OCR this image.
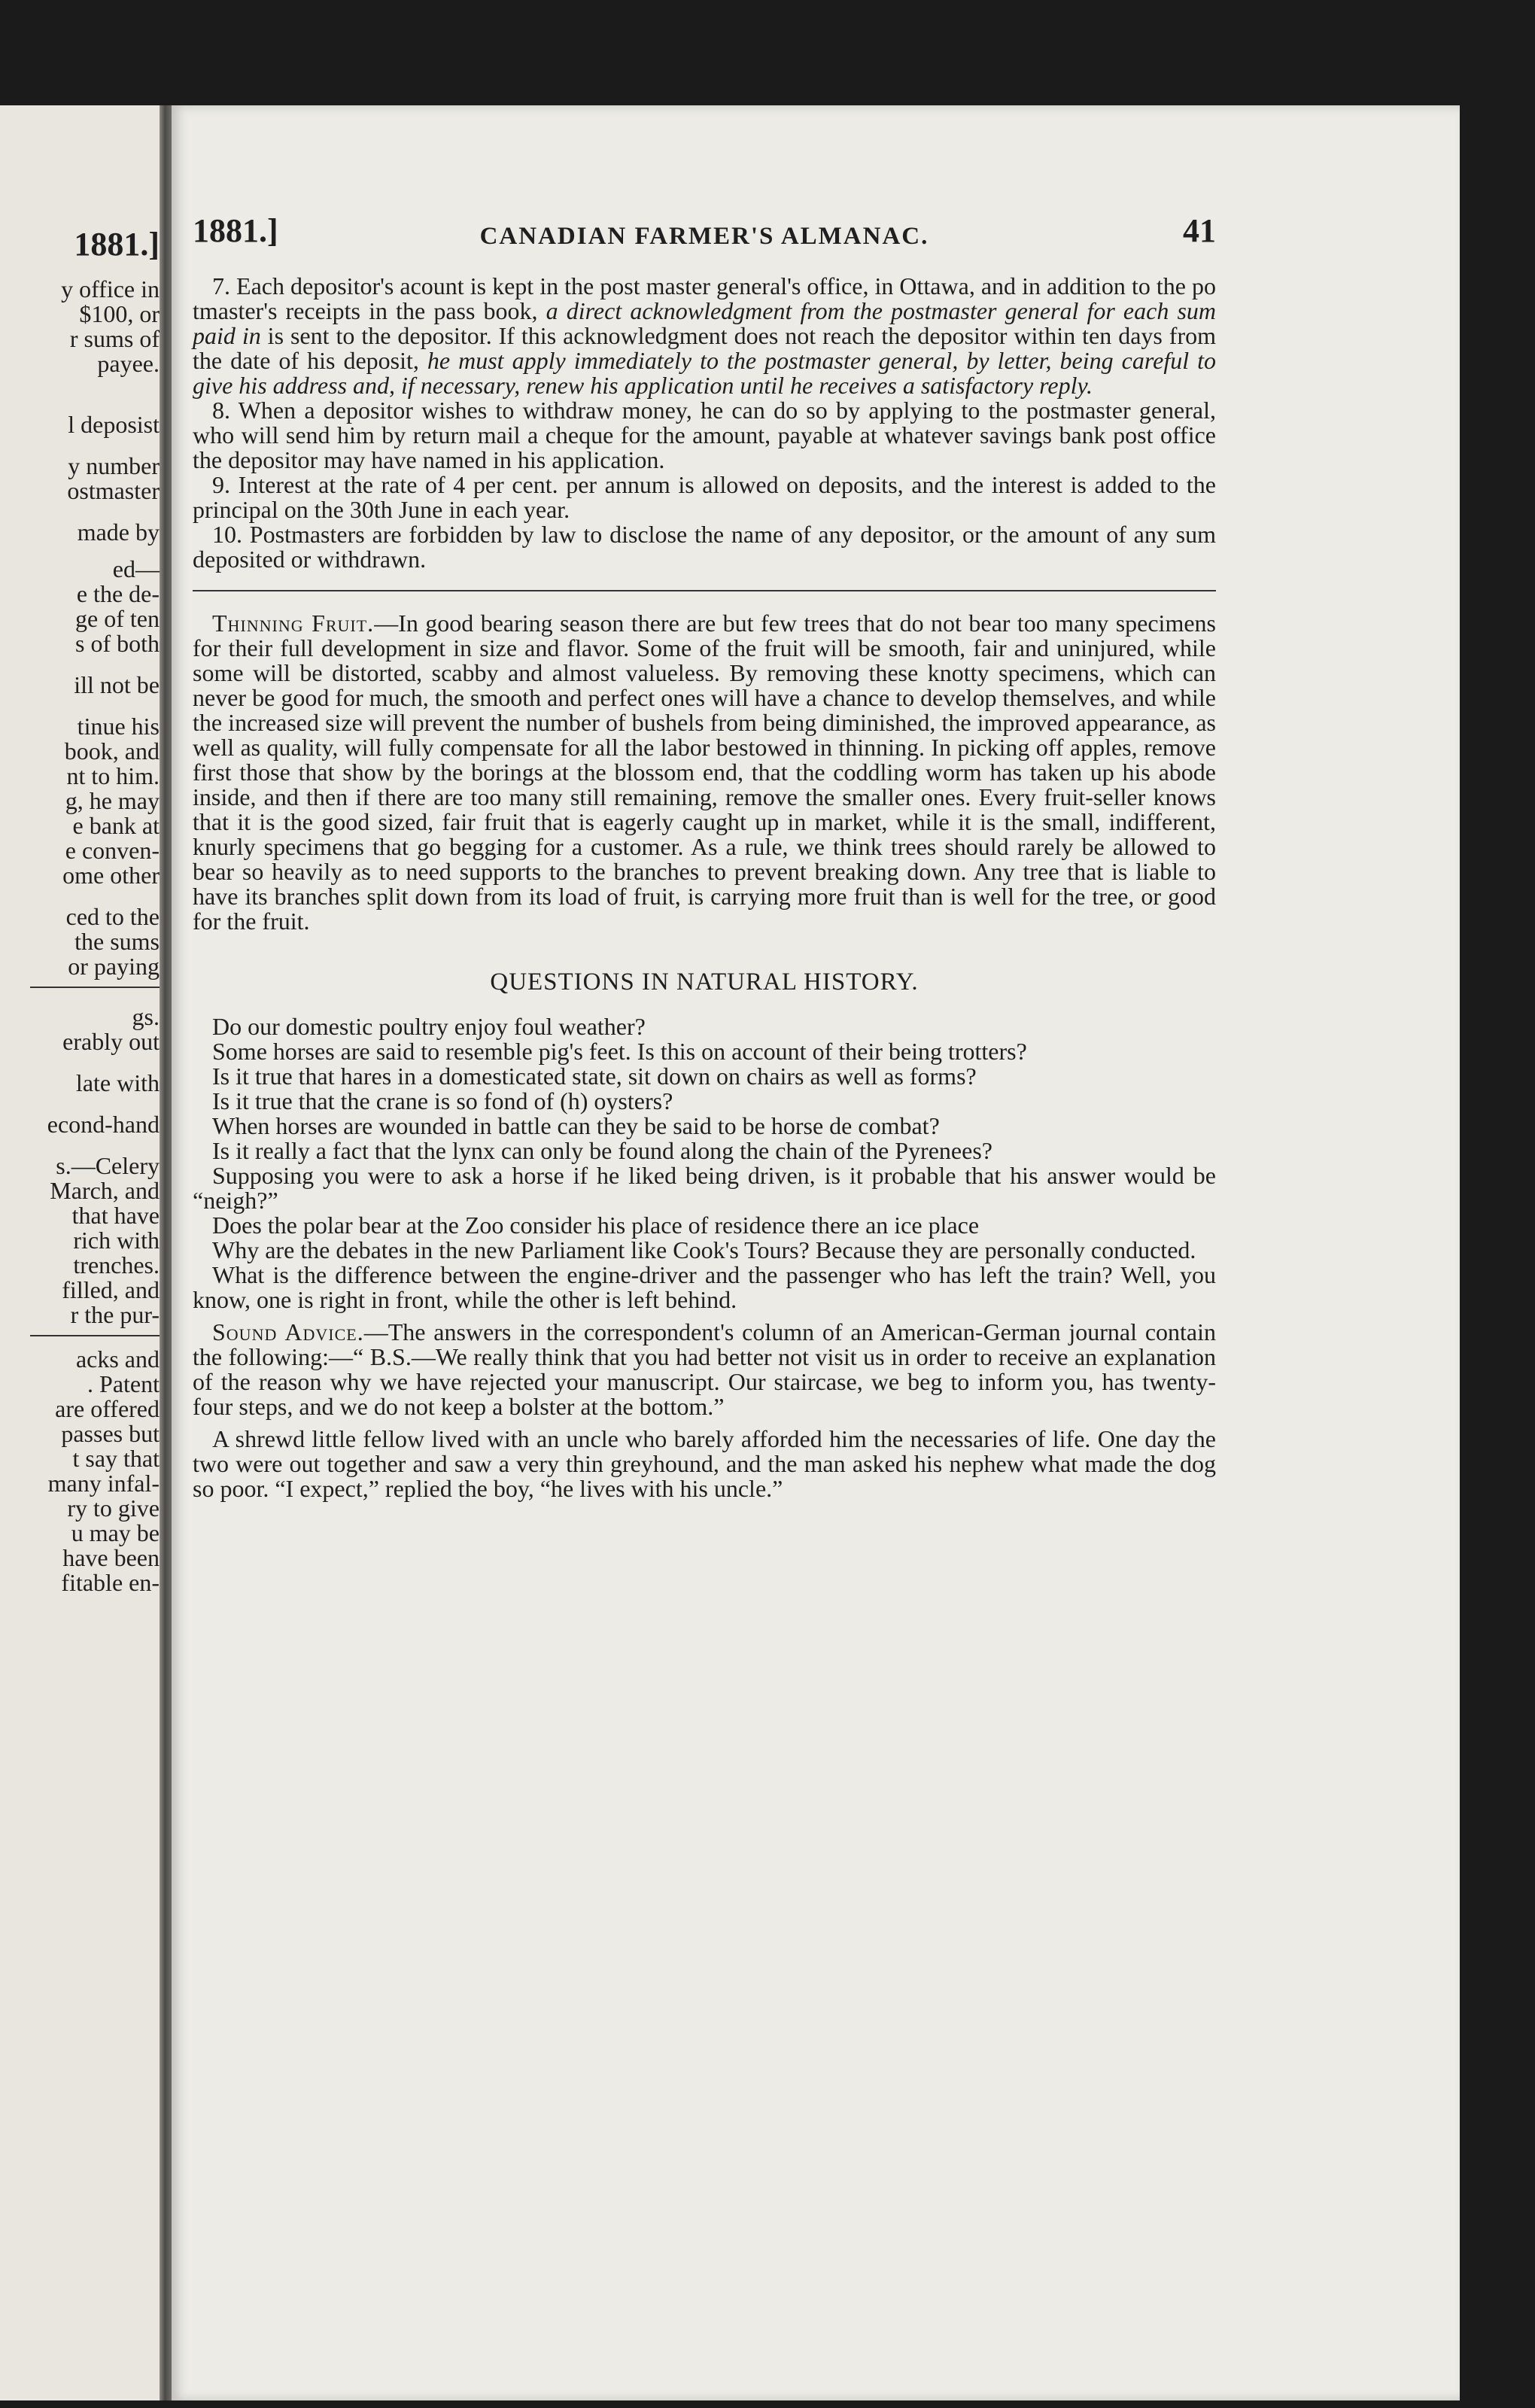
1881.]
y office in
$100, or
r sums of
payee.
l deposist
y number
ostmaster
made by
ed—
e the de-
ge of ten
s of both
ill not be
tinue his
book, and
nt to him.
g, he may
e bank at
e conven-
ome other
ced to the
the sums
or paying
gs.
erably out
late with
econd-hand
s.—Celery
March, and
that have
rich with
trenches.
filled, and
r the pur-
acks and
. Patent
are offered
passes but
t say that
many infal-
ry to give
u may be
have been
fitable en-
1881.]	CANADIAN FARMER'S ALMANAC.	41

7. Each depositor's acount is kept in the post master general's office, in Ottawa, and in addition to the po tmaster's receipts in the pass book, a direct acknowledgment from the postmaster general for each sum paid in is sent to the depositor. If this acknowledgment does not reach the depositor within ten days from the date of his deposit, he must apply immediately to the postmaster general, by letter, being careful to give his address and, if necessary, renew his application until he receives a satisfactory reply.

8. When a depositor wishes to withdraw money, he can do so by applying to the postmaster general, who will send him by return mail a cheque for the amount, payable at whatever savings bank post office the depositor may have named in his application.

9. Interest at the rate of 4 per cent. per annum is allowed on deposits, and the interest is added to the principal on the 30th June in each year.

10. Postmasters are forbidden by law to disclose the name of any depositor, or the amount of any sum deposited or withdrawn.

Thinning Fruit.—In good bearing season there are but few trees that do not bear too many specimens for their full development in size and flavor. Some of the fruit will be smooth, fair and uninjured, while some will be distorted, scabby and almost valueless. By removing these knotty specimens, which can never be good for much, the smooth and perfect ones will have a chance to develop themselves, and while the increased size will prevent the number of bushels from being diminished, the improved appearance, as well as quality, will fully compensate for all the labor bestowed in thinning. In picking off apples, remove first those that show by the borings at the blossom end, that the coddling worm has taken up his abode inside, and then if there are too many still remaining, remove the smaller ones. Every fruit-seller knows that it is the good sized, fair fruit that is eagerly caught up in market, while it is the small, indifferent, knurly specimens that go begging for a customer. As a rule, we think trees should rarely be allowed to bear so heavily as to need supports to the branches to prevent breaking down. Any tree that is liable to have its branches split down from its load of fruit, is carrying more fruit than is well for the tree, or good for the fruit.

QUESTIONS IN NATURAL HISTORY.

Do our domestic poultry enjoy foul weather?

Some horses are said to resemble pig's feet. Is this on account of their being trotters?

Is it true that hares in a domesticated state, sit down on chairs as well as forms?

Is it true that the crane is so fond of (h) oysters?

When horses are wounded in battle can they be said to be horse de combat?

Is it really a fact that the lynx can only be found along the chain of the Pyrenees?

Supposing you were to ask a horse if he liked being driven, is it probable that his answer would be “neigh?”

Does the polar bear at the Zoo consider his place of residence there an ice place

Why are the debates in the new Parliament like Cook's Tours? Because they are personally conducted.

What is the difference between the engine-driver and the passenger who has left the train? Well, you know, one is right in front, while the other is left behind.

Sound Advice.—The answers in the correspondent's column of an American-German journal contain the following:—“ B.S.—We really think that you had better not visit us in order to receive an explanation of the reason why we have rejected your manuscript. Our staircase, we beg to inform you, has twenty-four steps, and we do not keep a bolster at the bottom.”

A shrewd little fellow lived with an uncle who barely afforded him the necessaries of life. One day the two were out together and saw a very thin greyhound, and the man asked his nephew what made the dog so poor. “I expect,” replied the boy, “he lives with his uncle.”
